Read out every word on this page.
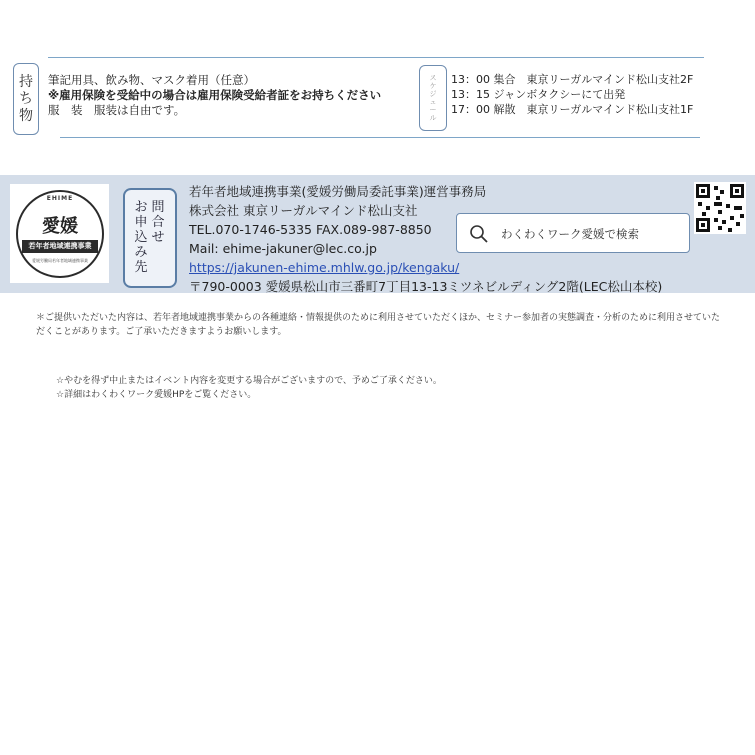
持
ち
物
筆記用具、飲み物、マスク着用（任意）
※雇用保険を受給中の場合は雇用保険受給者証をお持ちください
服　装　服装は自由です。
ス
ケ
ジ
ュ
ー
ル
13：00 集合　東京リーガルマインド松山支社2F
13：15 ジャンボタクシーにて出発
17：00 解散　東京リーガルマインド松山支社1F
EHIME
愛媛
若年者地域連携事業
愛媛労働局若年者地域連携事業
問
合
せ
お
申
込
み
先
若年者地域連携事業(愛媛労働局委託事業)運営事務局
株式会社 東京リーガルマインド松山支社
TEL.070-1746-5335 FAX.089-987-8850
Mail: ehime-jakuner@lec.co.jp
https://jakunen-ehime.mhlw.go.jp/kengaku/
〒790-0003 愛媛県松山市三番町7丁目13-13ミツネビルディング2階(LEC松山本校)
わくわくワーク愛媛で検索
＊ご提供いただいた内容は、若年者地域連携事業からの各種連絡・情報提供のために利用させていただくほか、セミナー参加者の実態調査・分析のために利用させていただくことがあります。ご了承いただきますようお願いします。
☆やむを得ず中止またはイベント内容を変更する場合がございますので、予めご了承ください。
☆詳細はわくわくワーク愛媛HPをご覧ください。
